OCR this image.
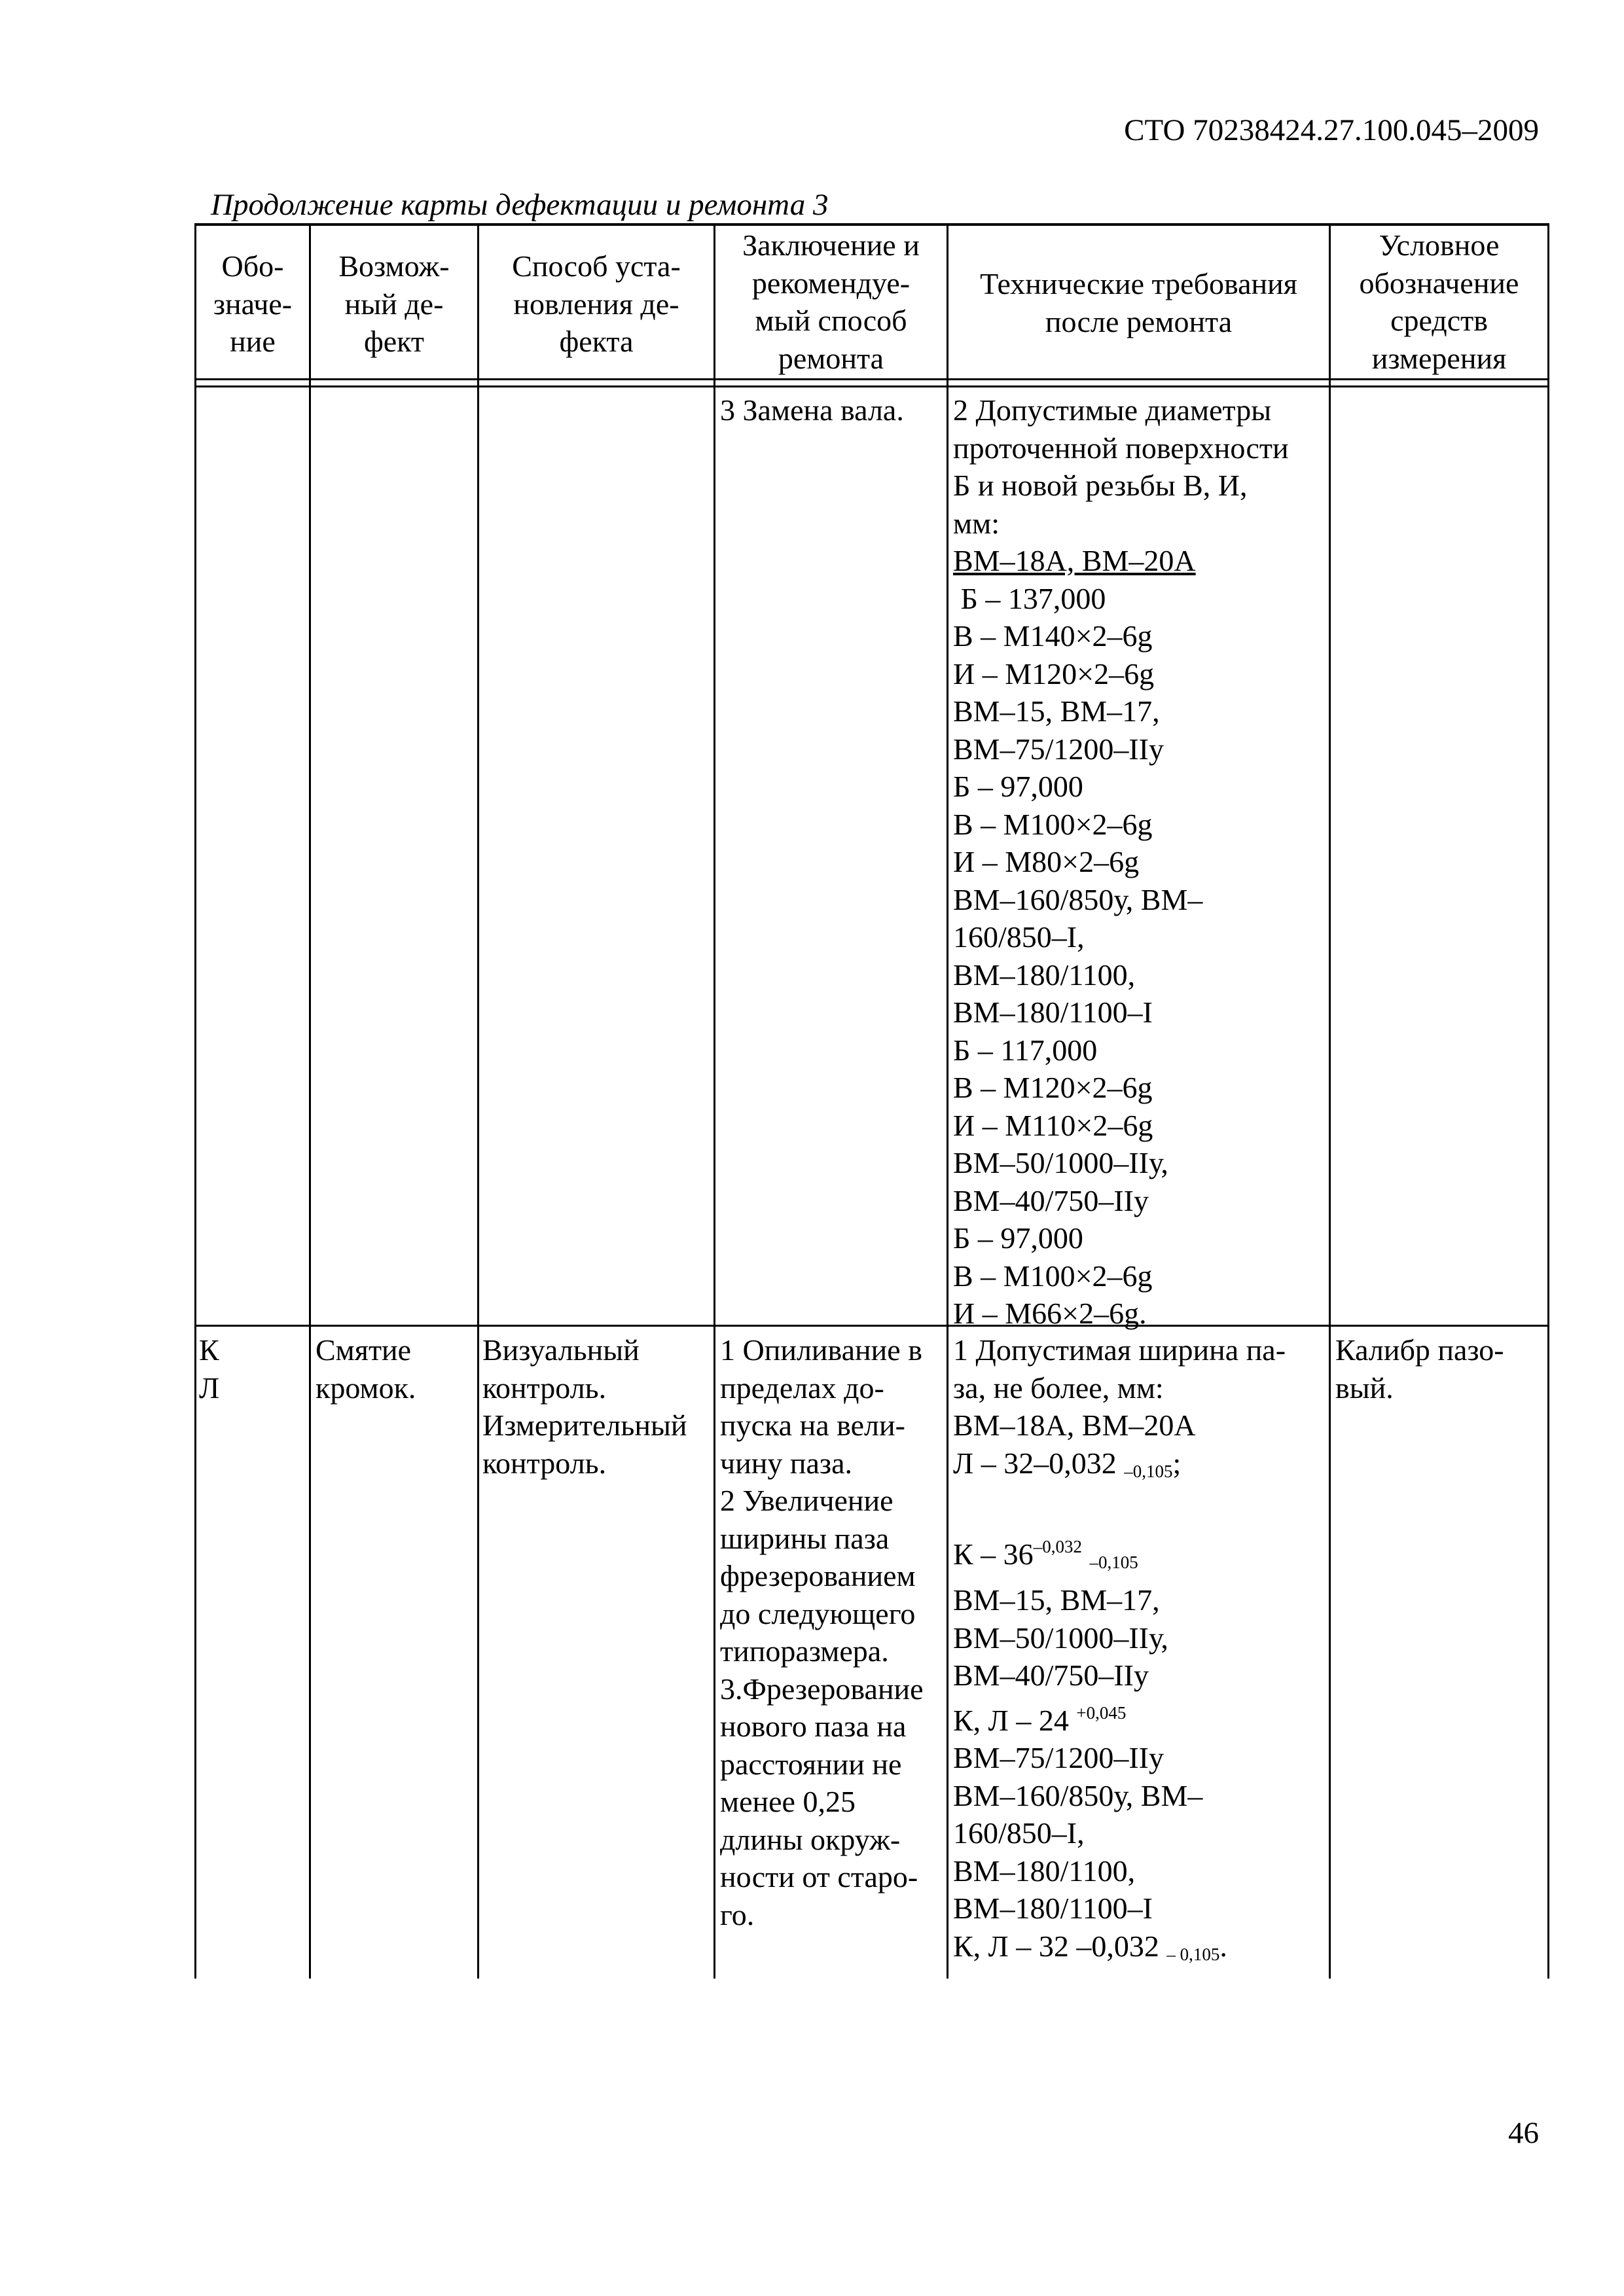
СТО 70238424.27.100.045–2009
Продолжение карты дефектации и ремонта 3
Обо-
значе-
ние
Возмож-
ный де-
фект
Способ уста-
новления де-
фекта
Заключение и
рекомендуе-
мый способ
ремонта
Технические требования
после ремонта
Условное
обозначение
средств
измерения
3 Замена вала. 2 Допустимые диаметры
проточенной поверхности
Б и новой резьбы В, И,
мм:
ВМ–18А, ВМ–20А
Б – 137,000
В – М140×2–6g
И – М120×2–6g
ВМ–15, ВМ–17,
ВМ–75/1200–IIу
Б – 97,000
В – М100×2–6g
И – М80×2–6g
ВМ–160/850у, ВМ–
160/850–I,
ВМ–180/1100,
ВМ–180/1100–I
Б – 117,000
В – М120×2–6g
И – М110×2–6g
ВМ–50/1000–IIу,
ВМ–40/750–IIу
Б – 97,000
В – М100×2–6g
И – М66×2–6g.
К
Л
Смятие
кромок.
Визуальный
контроль.
Измерительный
контроль.
1 Опиливание в
пределах до-
пуска на вели-
чину паза.
2 Увеличение
ширины паза
фрезерованием
до следующего
типоразмера.
3.Фрезерование
нового паза на
расстоянии не
менее 0,25
длины окруж-
ности от старо-
го.
1 Допустимая ширина па-
за, не более, мм:
ВМ–18А, ВМ–20А
Л – 32–0,032 $_{-0,105}$;

К – $36^{-0,032}$ $_{-0,105}$
ВМ–15, ВМ–17,
ВМ–50/1000–IIу,
ВМ–40/750–IIу
К, Л – 24 $^{+0,045}$
ВМ–75/1200–IIу
ВМ–160/850у, ВМ–
160/850–I,
ВМ–180/1100,
ВМ–180/1100–I
К, Л – 32 –0,032 $_{- 0,105}$.
Калибр пазо-
вый.
46
